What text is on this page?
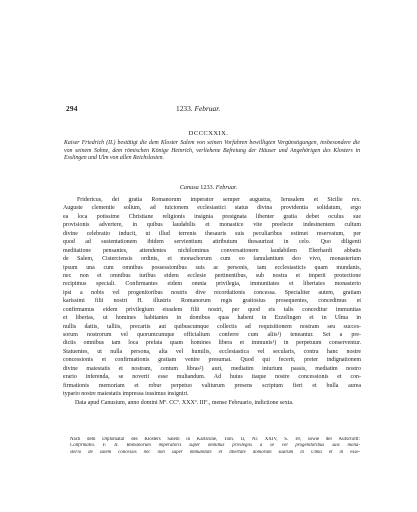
294	1233. Februar.
DCCCXXIX.
Kaiser Friedrich (II.) bestätigt die dem Kloster Salem von seinen Vorfahren bewilligten Vergünstigungen, insbesondere die von seinem Sohne, dem römischen Könige Heinrich, verliehene Befreiung der Häuser und Angehörigen des Klosters in Esslingen und Ulm von allen Reichslasten.
Canusa 1233. Februar.
Fridericus, dei gratia Romanorum imperator semper augustus, Ierusalem et Sicilie rex.
Auguste clementie solium, ad tuicionem ecclesiastici status divina providentia solidatum, ergo
ea loca potissime Christiane religionis insignia presignata libenter gratia debet oculus sue
provisionis advertere, in quibus laudabilis et monastice vite preelecte indesinentem cultum
divine celebratio inducit, ut illud terrenis thesauris suis peculiaribus estimet reservatum, per
quod ad sustentationem ibidem servientium attributum thesaurizat in celo. Quo diligenti
meditatione pensantes, attendentes nichilominus conversationem laudabilem Eberhardi abbatis
de Salem, Cisterciensis ordinis, et monachorum cum eo famulantium deo vivo, monasterium
ipsum una cum omnibus possessionibus suis ac personis, tam ecclesiasticis quam mundanis,
nec non et omnibus iuribus eidem ecclesie pertinentibus, sub nostra et imperii protectione
recipimus speciali. Confirmantes eidem omnia privilegia, immunitates et libertates monasterio
ipsi a nobis vel progenitoribus nostris dive recordationis concessa. Specialiter autem, gratiam
karissimi filii nostri H. illustris Romanorum regis gratiosius prosequentes, concedimus et
confirmamus eidem privilegium eiusdem filii nostri, per quod eis talis conceditur immunitas
et libertas, ut homines habitantes in domibus quas habent in Ezzelingen et in Ulma in
nullis datiis, talliis, precariis aut quibuscumque collectis ad requisitionem nostram seu succes-
sorum nostrorum vel quorumcumque officialium conferre cum aliis¹) teneantur. Set a pre-
dictis omnibus tam loca prefata quam homines libera et immunis¹) in perpetuum conserventur.
Statuentes, ut nulla persona, alta vel humilis, ecclesiastica vel secularis, contra hanc nostre
concessionis et confirmationis gratiam venire presumat. Quod qui fecerit, preter indignationem
divine maiestatis et nostram, centum libras²) auri, mediatim iniurium passis, mediatim nostro
erario inferenda, se noverit esse multandum. Ad huius itaque nostre concessionis et con-
firmationis memoriam et robur perpetuo valiturum presens scriptum fieri et bulla aurea
typario nostre maiestatis impressa iussimus insigniri.
Data apud Canusium, anno domini Mº. CCº. XXXº. IIIº., mense Februario, indictione sexta.
Nach dem Diplomatar des Klosters Salem in Karlsruhe, Tom. II, Nr. XXIV, S. 18, sowie der Aufschrift:
Confirmatio. F. II. Romanorum imperatoris super omnibus privilegiis a se vel progenitoribus suis mona-
sterio de salem concessis nec non super immunitate et libertate domorum suarum in Ulma et in esse-
